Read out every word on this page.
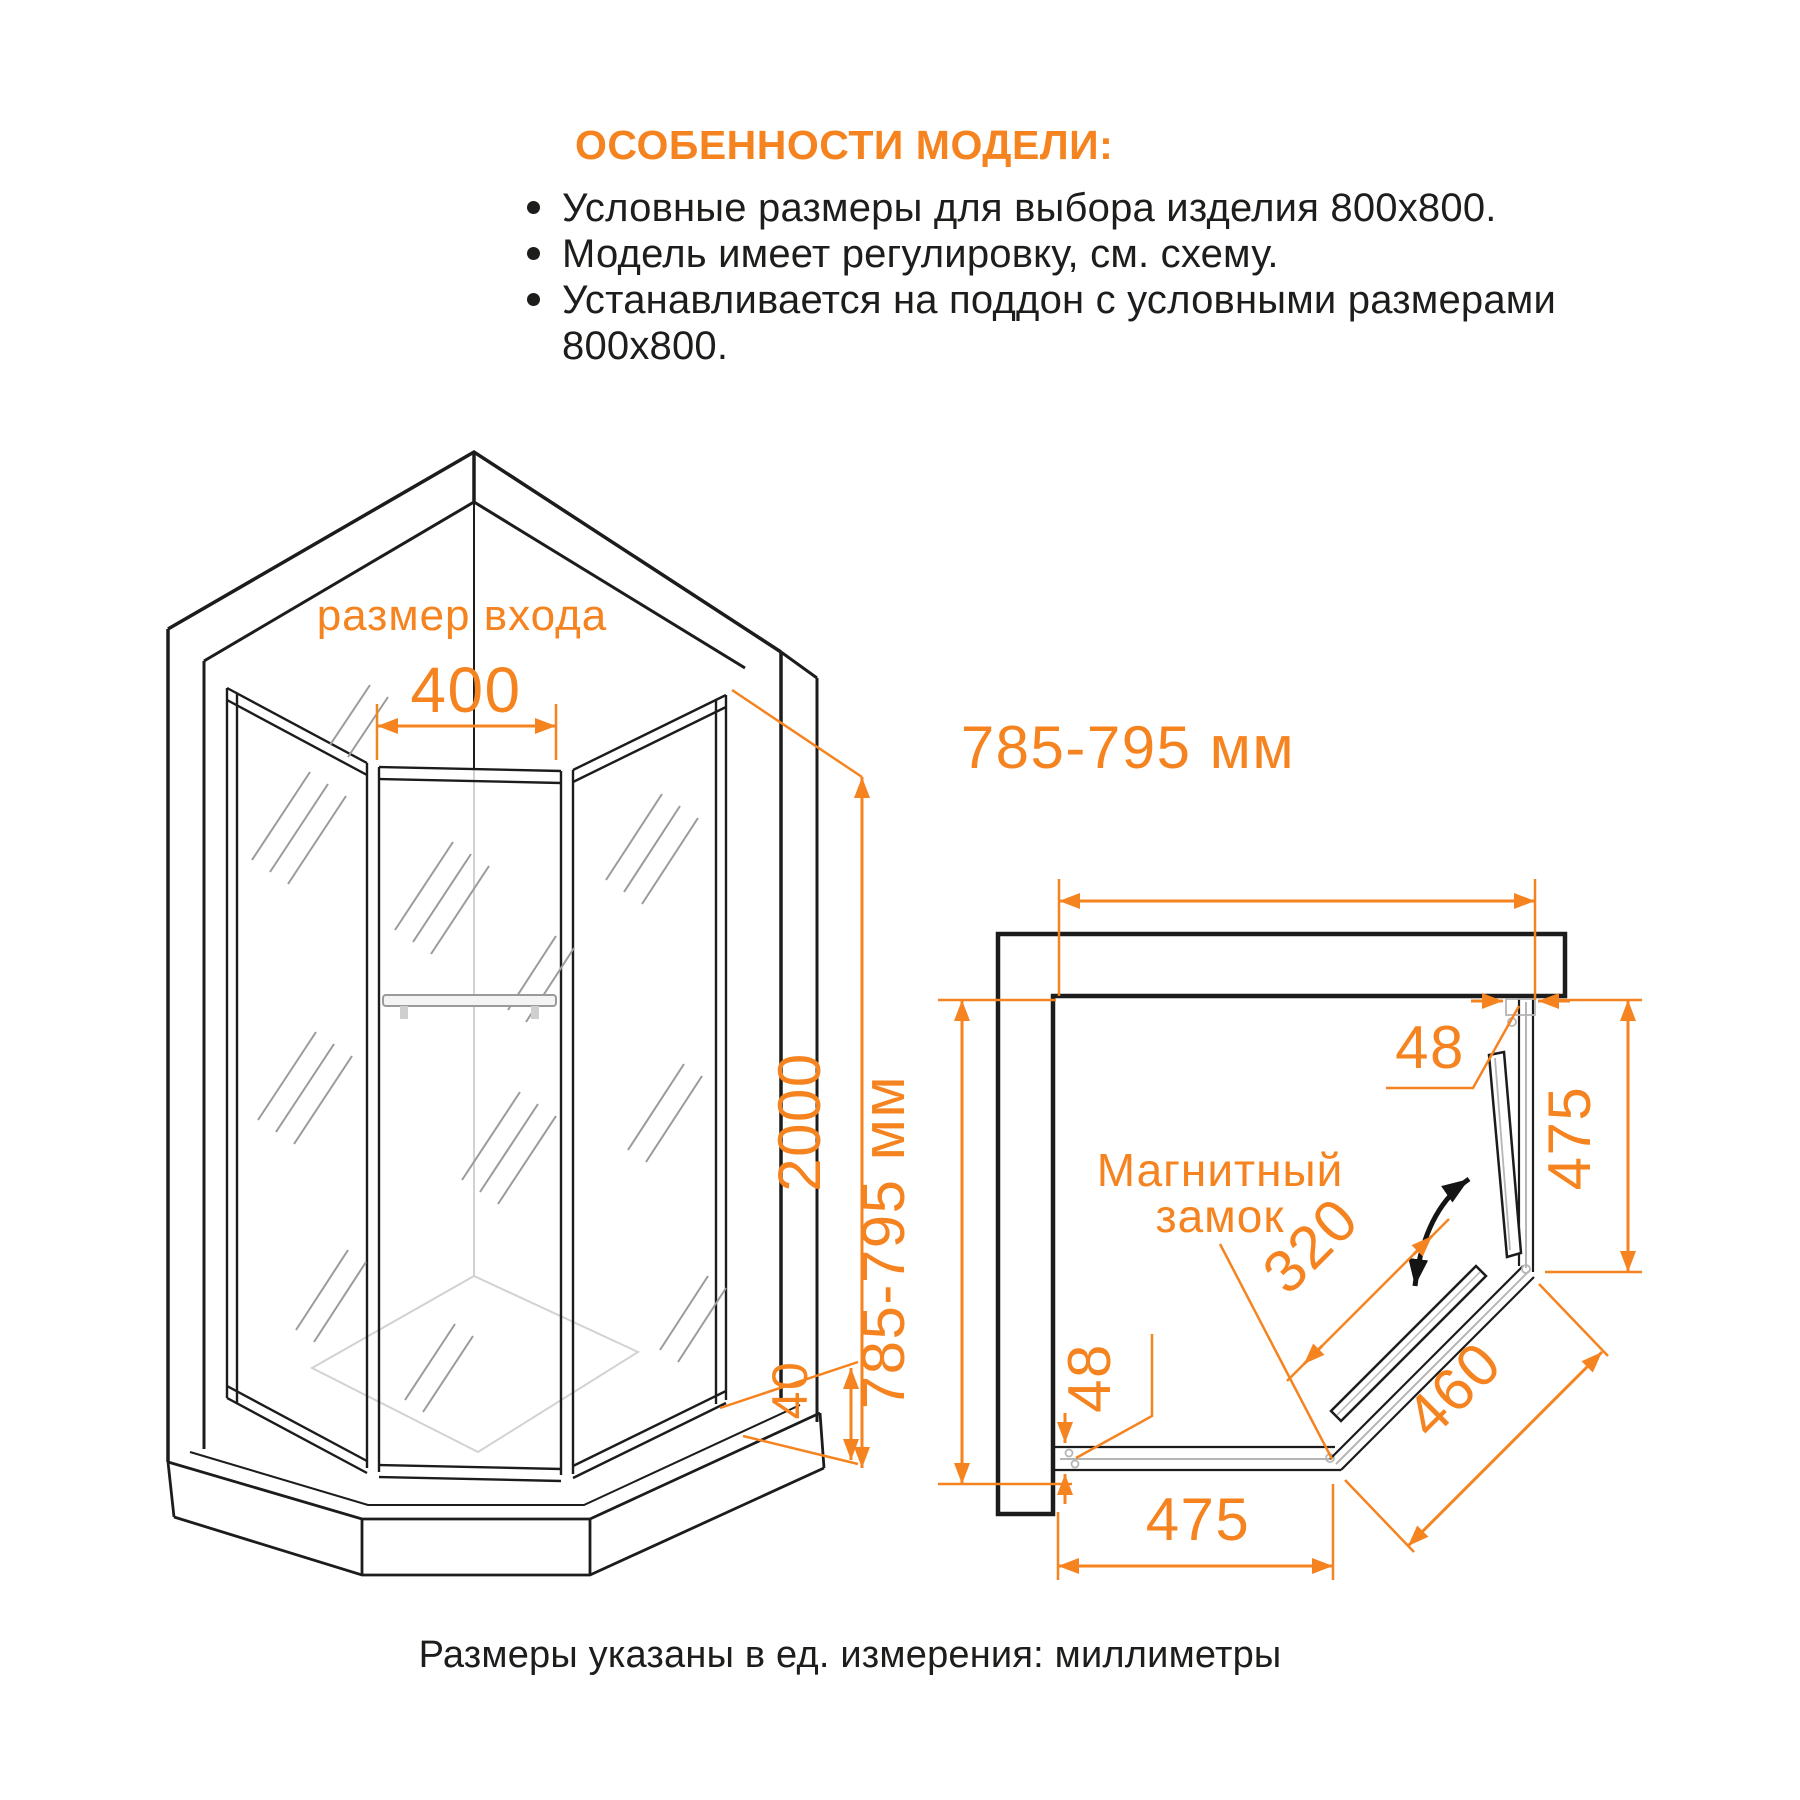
ОСОБЕННОСТИ МОДЕЛИ:
Условные размеры для выбора изделия 800х800.
Модель имеет регулировку, см. схему.
Устанавливается на поддон с условными размерами 800х800.
размер входа
400
2000
40
785-795 мм
785-795 мм
48
475
320
460
475
48
Магнитный
замок
Размеры указаны в ед. измерения: миллиметры
